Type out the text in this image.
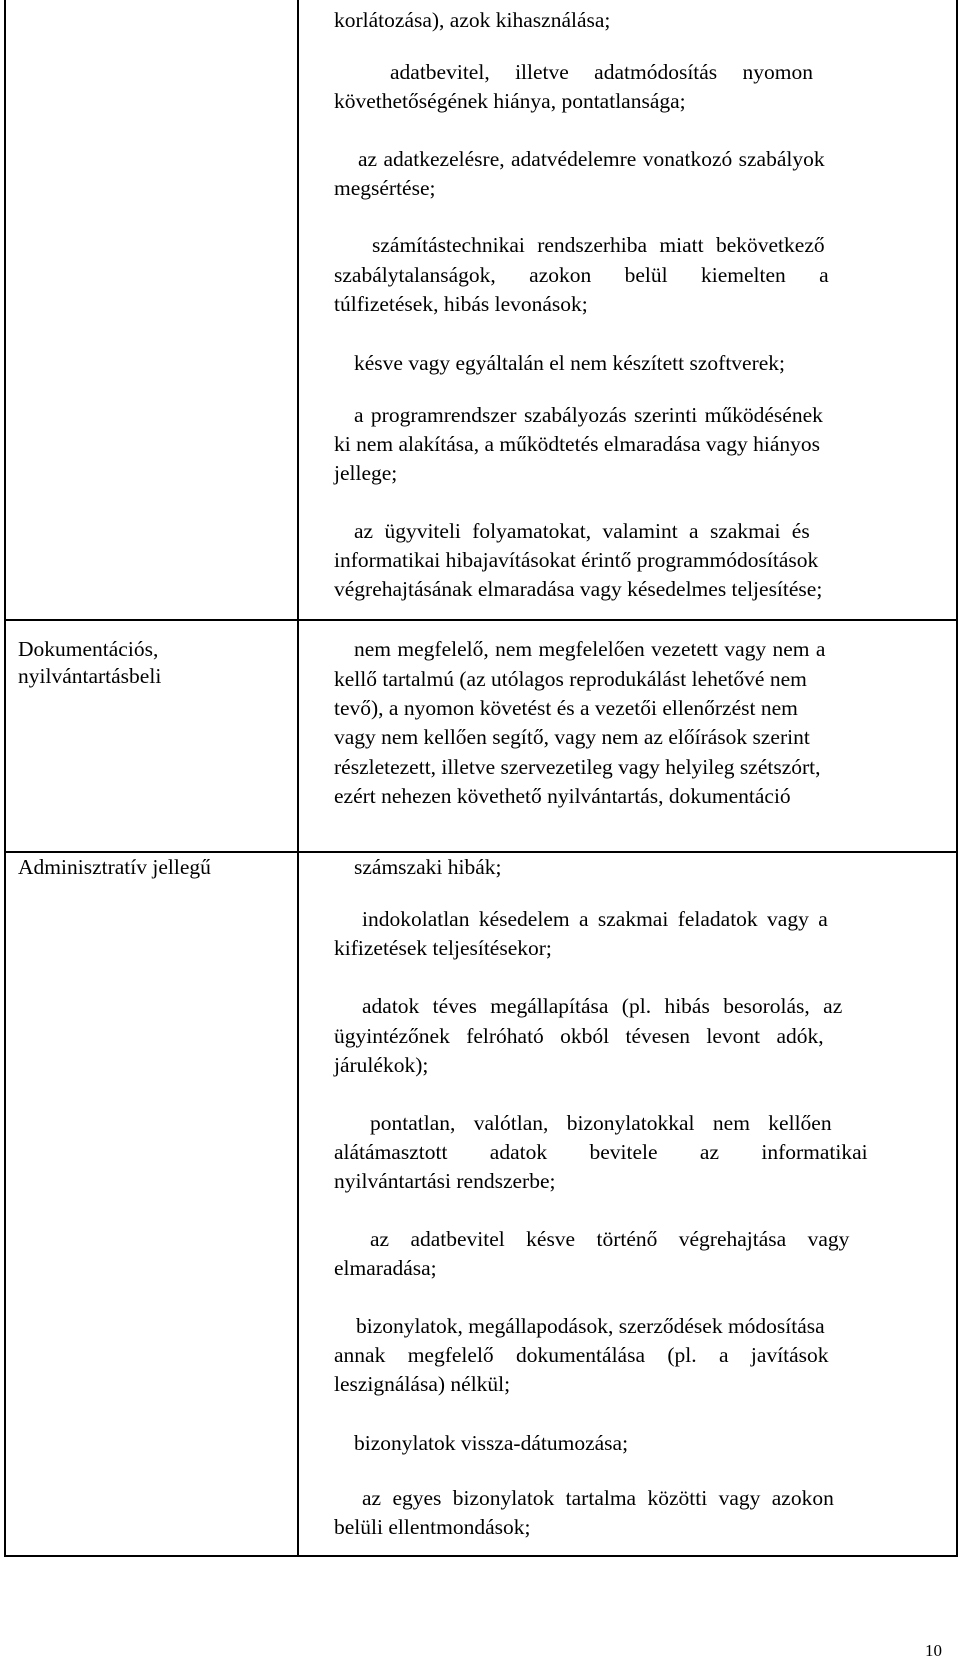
Dokumentációs,
nyilvántartásbeli
Adminisztratív jellegű
korlátozása), azok kihasználása;
adatbevitel, illetve adatmódosítás nyomon
követhetőségének hiánya, pontatlansága;
az adatkezelésre, adatvédelemre vonatkozó szabályok
megsértése;
számítástechnikai rendszerhiba miatt bekövetkező
szabálytalanságok, azokon belül kiemelten a
túlfizetések, hibás levonások;
késve vagy egyáltalán el nem készített szoftverek;
a programrendszer szabályozás szerinti működésének
ki nem alakítása, a működtetés elmaradása vagy hiányos
jellege;
az ügyviteli folyamatokat, valamint a szakmai és
informatikai hibajavításokat érintő programmódosítások
végrehajtásának elmaradása vagy késedelmes teljesítése;
nem megfelelő, nem megfelelően vezetett vagy nem a
kellő tartalmú (az utólagos reprodukálást lehetővé nem
tevő), a nyomon követést és a vezetői ellenőrzést nem
vagy nem kellően segítő, vagy nem az előírások szerint
részletezett, illetve szervezetileg vagy helyileg szétszórt,
ezért nehezen követhető nyilvántartás, dokumentáció
számszaki hibák;
indokolatlan késedelem a szakmai feladatok vagy a
kifizetések teljesítésekor;
adatok téves megállapítása (pl. hibás besorolás, az
ügyintézőnek felróható okból tévesen levont adók,
járulékok);
pontatlan, valótlan, bizonylatokkal nem kellően
alátámasztott adatok bevitele az informatikai
nyilvántartási rendszerbe;
az adatbevitel késve történő végrehajtása vagy
elmaradása;
bizonylatok, megállapodások, szerződések módosítása
annak megfelelő dokumentálása (pl. a javítások
leszignálása) nélkül;
bizonylatok vissza-dátumozása;
az egyes bizonylatok tartalma közötti vagy azokon
belüli ellentmondások;
10
